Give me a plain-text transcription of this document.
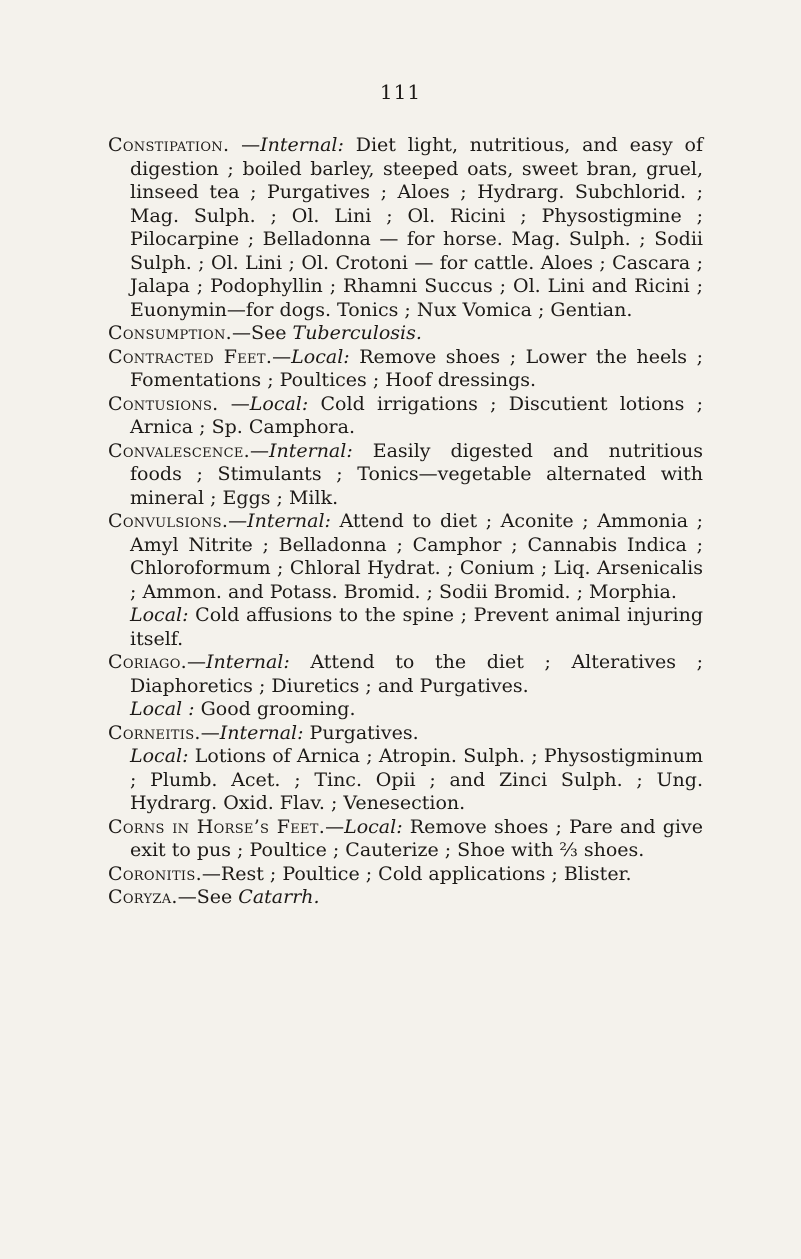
111

Constipation. —Internal: Diet light, nutritious, and easy of digestion ; boiled barley, steeped oats, sweet bran, gruel, linseed tea ; Purgatives ; Aloes ; Hydrarg. Subchlorid. ; Mag. Sulph. ; Ol. Lini ; Ol. Ricini ; Physostigmine ; Pilocarpine ; Belladonna — for horse. Mag. Sulph. ; Sodii Sulph. ; Ol. Lini ; Ol. Crotoni — for cattle. Aloes ; Cascara ; Jalapa ; Podophyllin ; Rhamni Succus ; Ol. Lini and Ricini ; Euonymin—for dogs. Tonics ; Nux Vomica ; Gentian.

Consumption.—See Tuberculosis.

Contracted Feet.—Local: Remove shoes ; Lower the heels ; Fomentations ; Poultices ; Hoof dressings.

Contusions. —Local: Cold irrigations ; Discutient lotions ; Arnica ; Sp. Camphora.

Convalescence.—Internal: Easily digested and nutritious foods ; Stimulants ; Tonics—vegetable alternated with mineral ; Eggs ; Milk.

Convulsions.—Internal: Attend to diet ; Aconite ; Ammonia ; Amyl Nitrite ; Belladonna ; Camphor ; Cannabis Indica ; Chloroformum ; Chloral Hydrat. ; Conium ; Liq. Arsenicalis ; Ammon. and Potass. Bromid. ; Sodii Bromid. ; Morphia.
Local: Cold affusions to the spine ; Prevent animal injuring itself.

Coriago.—Internal: Attend to the diet ; Alteratives ; Diaphoretics ; Diuretics ; and Purgatives.
Local : Good grooming.

Corneitis.—Internal: Purgatives.
Local: Lotions of Arnica ; Atropin. Sulph. ; Physostigminum ; Plumb. Acet. ; Tinc. Opii ; and Zinci Sulph. ; Ung. Hydrarg. Oxid. Flav. ; Venesection.

Corns in Horse’s Feet.—Local: Remove shoes ; Pare and give exit to pus ; Poultice ; Cauterize ; Shoe with ⅔ shoes.

Coronitis.—Rest ; Poultice ; Cold applications ; Blister.

Coryza.—See Catarrh.
